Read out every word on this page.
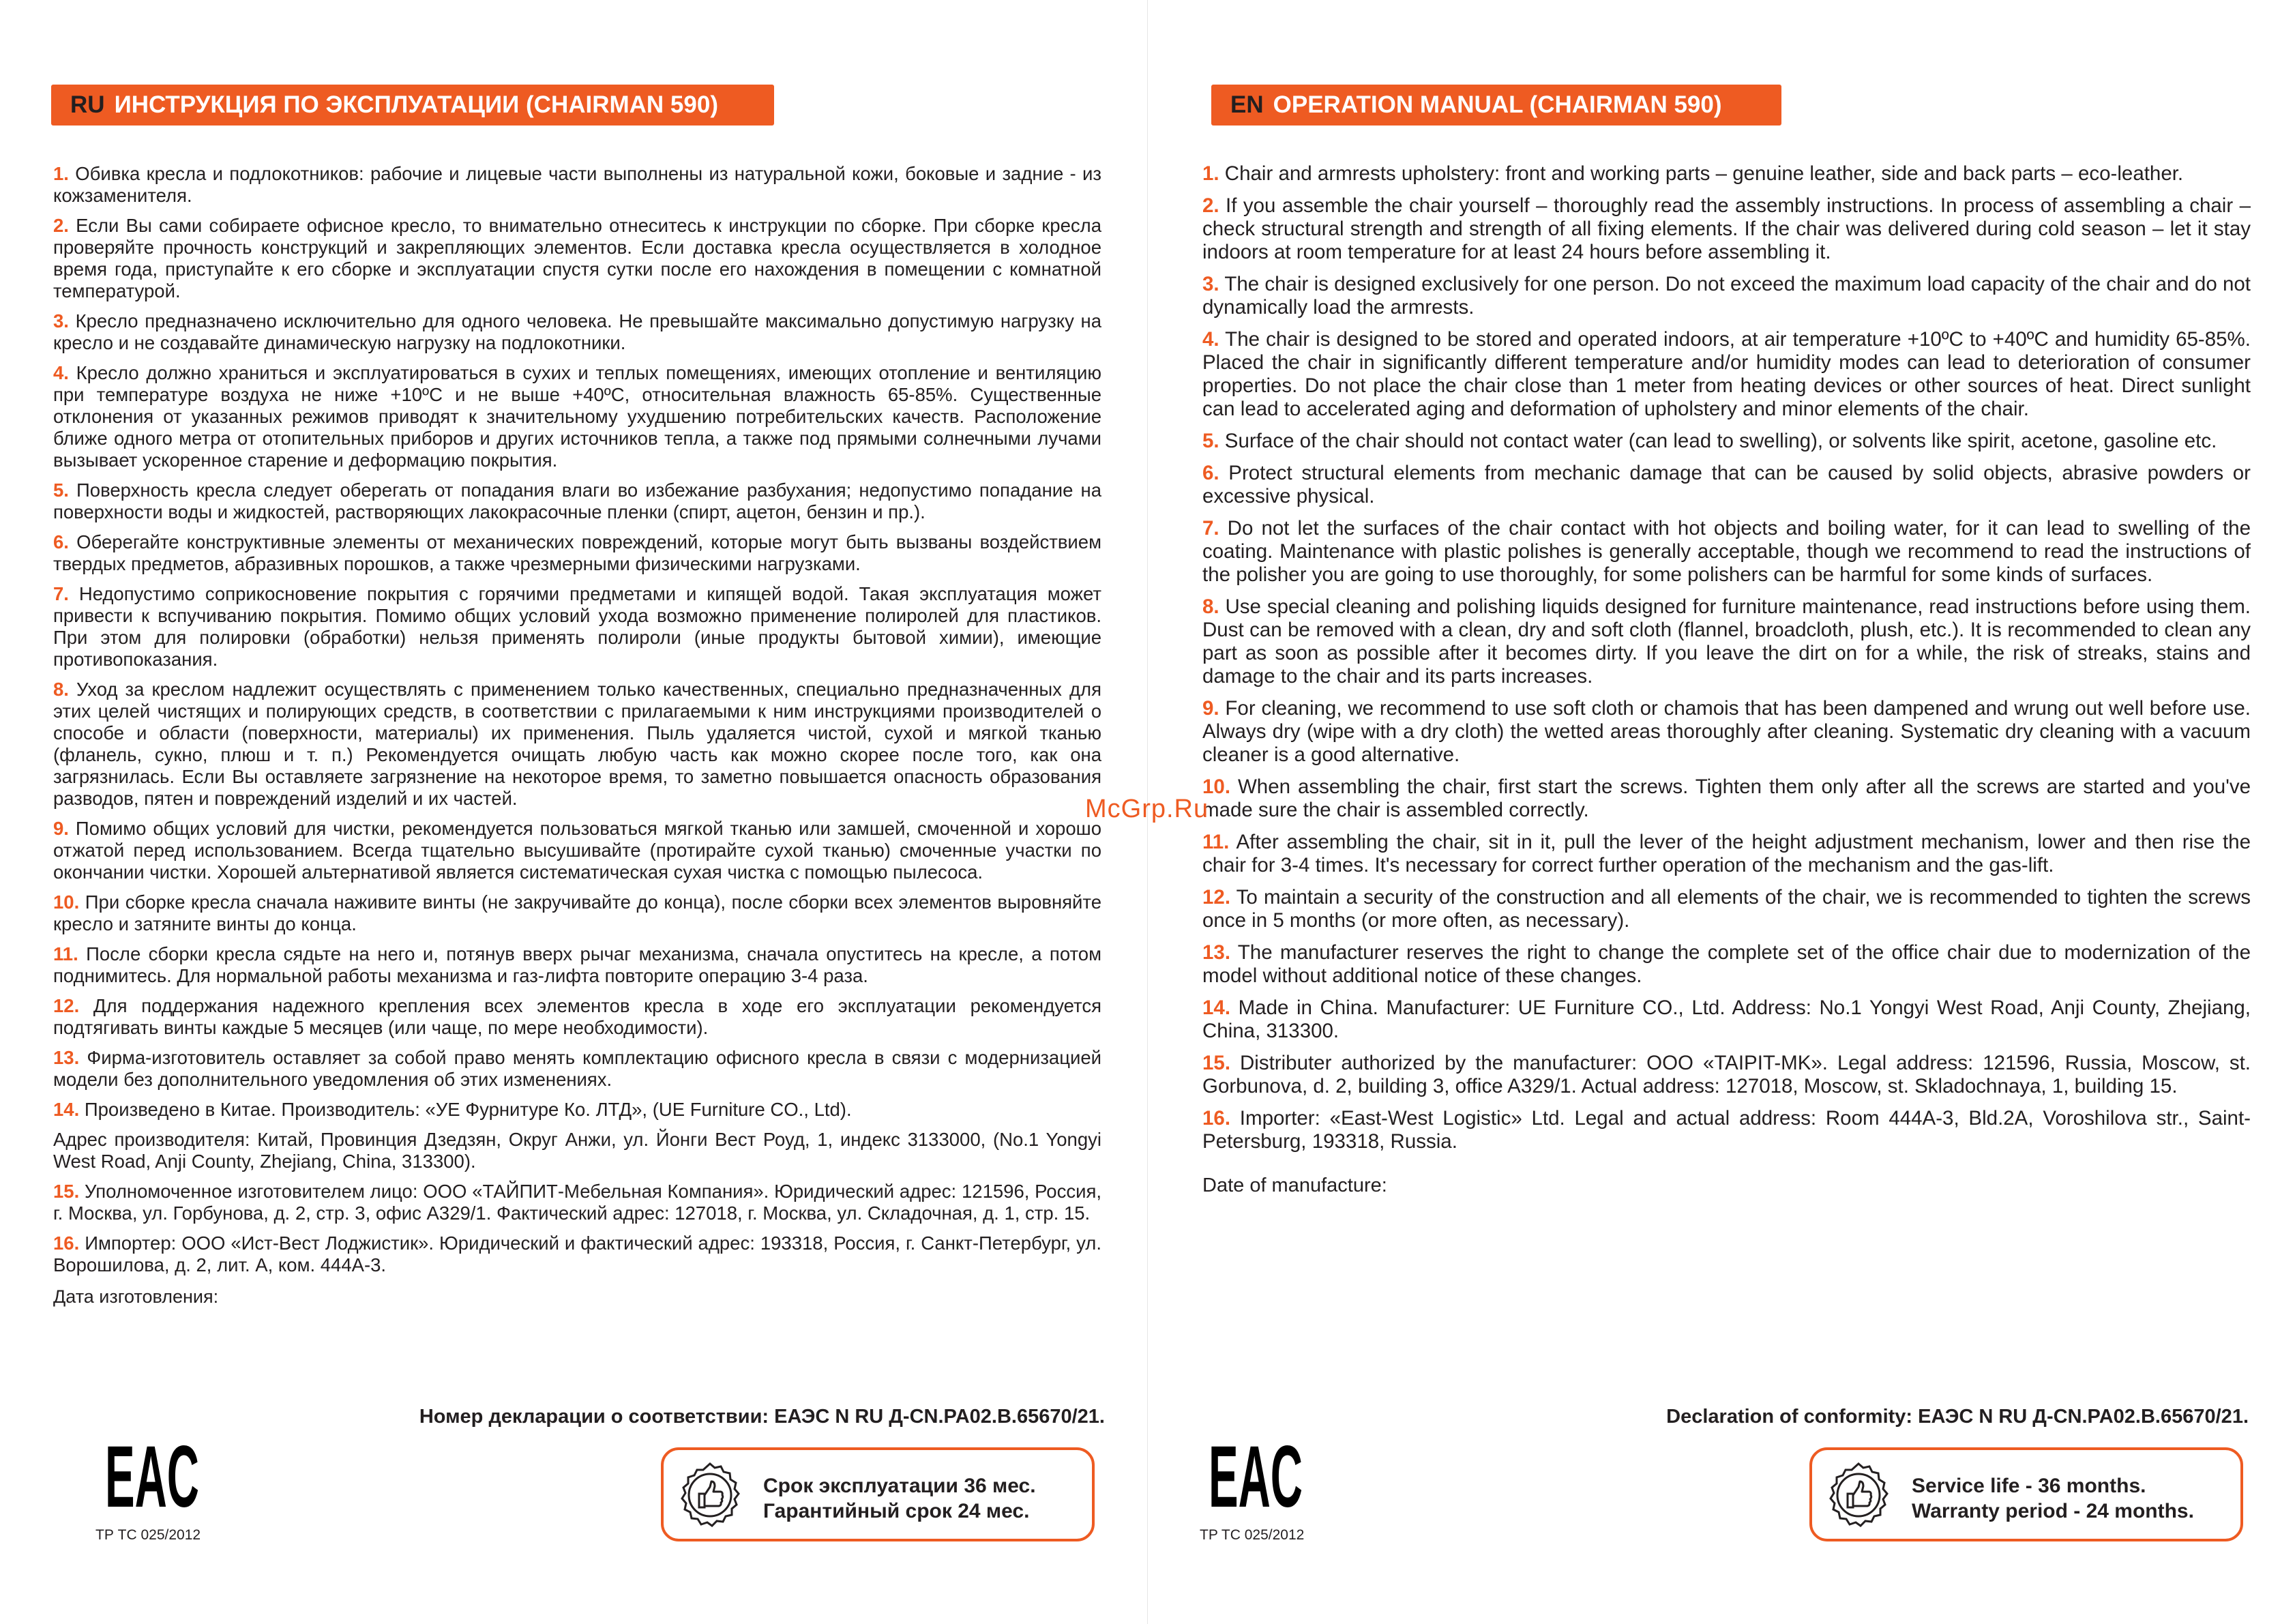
RU ИНСТРУКЦИЯ ПО ЭКСПЛУАТАЦИИ (CHAIRMAN 590)
1. Обивка кресла и подлокотников: рабочие и лицевые части выполнены из натуральной кожи, боковые и задние - из кожзаменителя.
2. Если Вы сами собираете офисное кресло, то внимательно отнеситесь к инструкции по сборке. При сборке кресла проверяйте прочность конструкций и закрепляющих элементов. Если доставка кресла осуществляется в холодное время года, приступайте к его сборке и эксплуатации спустя сутки после его нахождения в помещении с комнатной температурой.
3. Кресло предназначено исключительно для одного человека. Не превышайте максимально допустимую нагрузку на кресло и не создавайте динамическую нагрузку на подлокотники.
4. Кресло должно храниться и эксплуатироваться в сухих и теплых помещениях, имеющих отопление и вентиляцию при температуре воздуха не ниже +10ºС и не выше +40ºС, относительная влажность 65-85%. Существенные отклонения от указанных режимов приводят к значительному ухудшению потребительских качеств. Расположение ближе одного метра от отопительных приборов и других источников тепла, а также под прямыми солнечными лучами вызывает ускоренное старение и деформацию покрытия.
5. Поверхность кресла следует оберегать от попадания влаги во избежание разбухания; недопустимо попадание на поверхности воды и жидкостей, растворяющих лакокрасочные пленки (спирт, ацетон, бензин и пр.).
6. Оберегайте конструктивные элементы от механических повреждений, которые могут быть вызваны воздействием твердых предметов, абразивных порошков, а также чрезмерными физическими нагрузками.
7. Недопустимо соприкосновение покрытия с горячими предметами и кипящей водой. Такая эксплуатация может привести к вспучиванию покрытия. Помимо общих условий ухода возможно применение полиролей для пластиков. При этом для полировки (обработки) нельзя применять полироли (иные продукты бытовой химии), имеющие противопоказания.
8. Уход за креслом надлежит осуществлять с применением только качественных, специально предназначенных для этих целей чистящих и полирующих средств, в соответствии с прилагаемыми к ним инструкциями производителей о способе и области (поверхности, материалы) их применения. Пыль удаляется чистой, сухой и мягкой тканью (фланель, сукно, плюш и т. п.) Рекомендуется очищать любую часть как можно скорее после того, как она загрязнилась. Если Вы оставляете загрязнение на некоторое время, то заметно повышается опасность образования разводов, пятен и повреждений изделий и их частей.
9. Помимо общих условий для чистки, рекомендуется пользоваться мягкой тканью или замшей, смоченной и хорошо отжатой перед использованием. Всегда тщательно высушивайте (протирайте сухой тканью) смоченные участки по окончании чистки. Хорошей альтернативой является систематическая сухая чистка с помощью пылесоса.
10. При сборке кресла сначала наживите винты (не закручивайте до конца), после сборки всех элементов выровняйте кресло и затяните винты до конца.
11. После сборки кресла сядьте на него и, потянув вверх рычаг механизма, сначала опуститесь на кресле, а потом поднимитесь. Для нормальной работы механизма и газ-лифта повторите операцию 3-4 раза.
12. Для поддержания надежного крепления всех элементов кресла в ходе его эксплуатации рекомендуется подтягивать винты каждые 5 месяцев (или чаще, по мере необходимости).
13. Фирма-изготовитель оставляет за собой право менять комплектацию офисного кресла в связи с модернизацией модели без дополнительного уведомления об этих изменениях.
14. Произведено в Китае. Производитель: «УЕ Фурнитуре Ко. ЛТД», (UE Furniture CO., Ltd).
Адрес производителя: Китай, Провинция Дзедзян, Округ Анжи, ул. Йонги Вест Роуд, 1, индекс 3133000, (No.1 Yongyi West Road, Anji County, Zhejiang, China, 313300).
15. Уполномоченное изготовителем лицо: ООО «ТАЙПИТ-Мебельная Компания». Юридический адрес: 121596, Россия, г. Москва, ул. Горбунова, д. 2, стр. 3, офис А329/1. Фактический адрес: 127018, г. Москва, ул. Складочная, д. 1, стр. 15.
16. Импортер: ООО «Ист-Вест Лоджистик». Юридический и фактический адрес: 193318, Россия, г. Санкт-Петербург, ул. Ворошилова, д. 2, лит. А, ком. 444А-3.
Дата изготовления:
Номер декларации о соответствии: ЕАЭС N RU Д-CN.PA02.B.65670/21.
EAC
ТР ТС 025/2012
Срок эксплуатации 36 мес.
Гарантийный срок 24 мес.
EN OPERATION MANUAL (CHAIRMAN 590)
1. Chair and armrests upholstery: front and working parts – genuine leather, side and back parts – eco-leather.
2. If you assemble the chair yourself – thoroughly read the assembly instructions. In process of assembling a chair – check structural strength and strength of all fixing elements. If the chair was delivered during cold season – let it stay indoors at room temperature for at least 24 hours before assembling it.
3. The chair is designed exclusively for one person. Do not exceed the maximum load capacity of the chair and do not dynamically load the armrests.
4. The chair is designed to be stored and operated indoors, at air temperature +10ºC to +40ºC and humidity 65-85%. Placed the chair in significantly different temperature and/or humidity modes can lead to deterioration of consumer properties. Do not place the chair close than 1 meter from heating devices or other sources of heat. Direct sunlight can lead to accelerated aging and deformation of upholstery and minor elements of the chair.
5. Surface of the chair should not contact water (can lead to swelling), or solvents like spirit, acetone, gasoline etc.
6. Protect structural elements from mechanic damage that can be caused by solid objects, abrasive powders or excessive physical.
7. Do not let the surfaces of the chair contact with hot objects and boiling water, for it can lead to swelling of the coating. Maintenance with plastic polishes is generally acceptable, though we recommend to read the instructions of the polisher you are going to use thoroughly, for some polishers can be harmful for some kinds of surfaces.
8. Use special cleaning and polishing liquids designed for furniture maintenance, read instructions before using them. Dust can be removed with a clean, dry and soft cloth (flannel, broadcloth, plush, etc.). It is recommended to clean any part as soon as possible after it becomes dirty. If you leave the dirt on for a while, the risk of streaks, stains and damage to the chair and its parts increases.
9. For cleaning, we recommend to use soft cloth or chamois that has been dampened and wrung out well before use. Always dry (wipe with a dry cloth) the wetted areas thoroughly after cleaning. Systematic dry cleaning with a vacuum cleaner is a good alternative.
10. When assembling the chair, first start the screws. Tighten them only after all the screws are started and you've made sure the chair is assembled correctly.
11. After assembling the chair, sit in it, pull the lever of the height adjustment mechanism, lower and then rise the chair for 3-4 times. It's necessary for correct further operation of the mechanism and the gas-lift.
12. To maintain a security of the construction and all elements of the chair, we is recommended to tighten the screws once in 5 months (or more often, as necessary).
13. The manufacturer reserves the right to change the complete set of the office chair due to modernization of the model without additional notice of these changes.
14. Made in China. Manufacturer: UE Furniture CO., Ltd. Address: No.1 Yongyi West Road, Anji County, Zhejiang, China, 313300.
15. Distributer authorized by the manufacturer: ООО «TAIPIT-MK». Legal address: 121596, Russia, Moscow, st. Gorbunova, d. 2, building 3, office A329/1. Actual address: 127018, Moscow, st. Skladochnaya, 1, building 15.
16. Importer: «East-West Logistic» Ltd. Legal and actual address: Room 444A-3, Bld.2A, Voroshilova str., Saint-Petersburg, 193318, Russia.
Date of manufacture:
Declaration of conformity: ЕАЭС N RU Д-CN.PA02.B.65670/21.
EAC
TP TC 025/2012
Service life - 36 months.
Warranty period - 24 months.
McGrp.Ru
